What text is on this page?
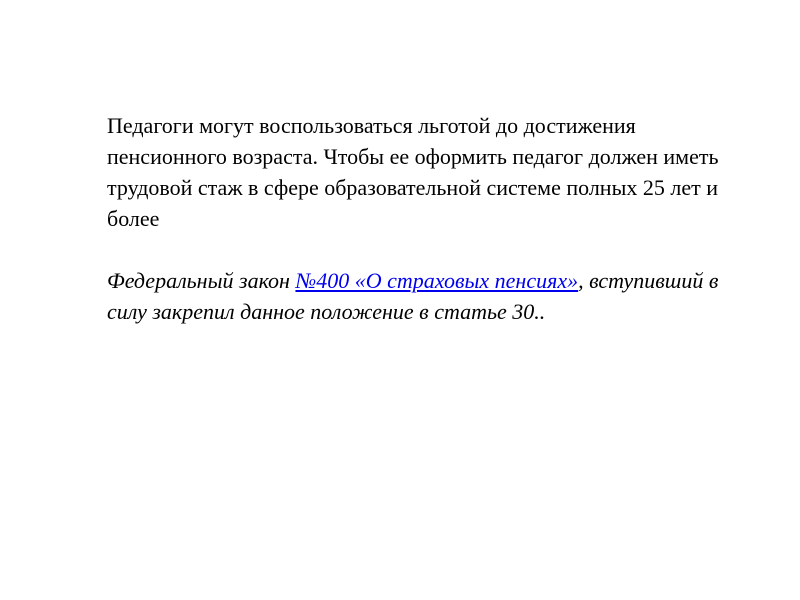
Педагоги могут воспользоваться льготой до достижения пенсионного возраста. Чтобы ее оформить педагог должен иметь трудовой стаж в сфере образовательной системе полных 25 лет и более

Федеральный закон №400 «О страховых пенсиях», вступивший в силу закрепил данное положение в статье 30..
